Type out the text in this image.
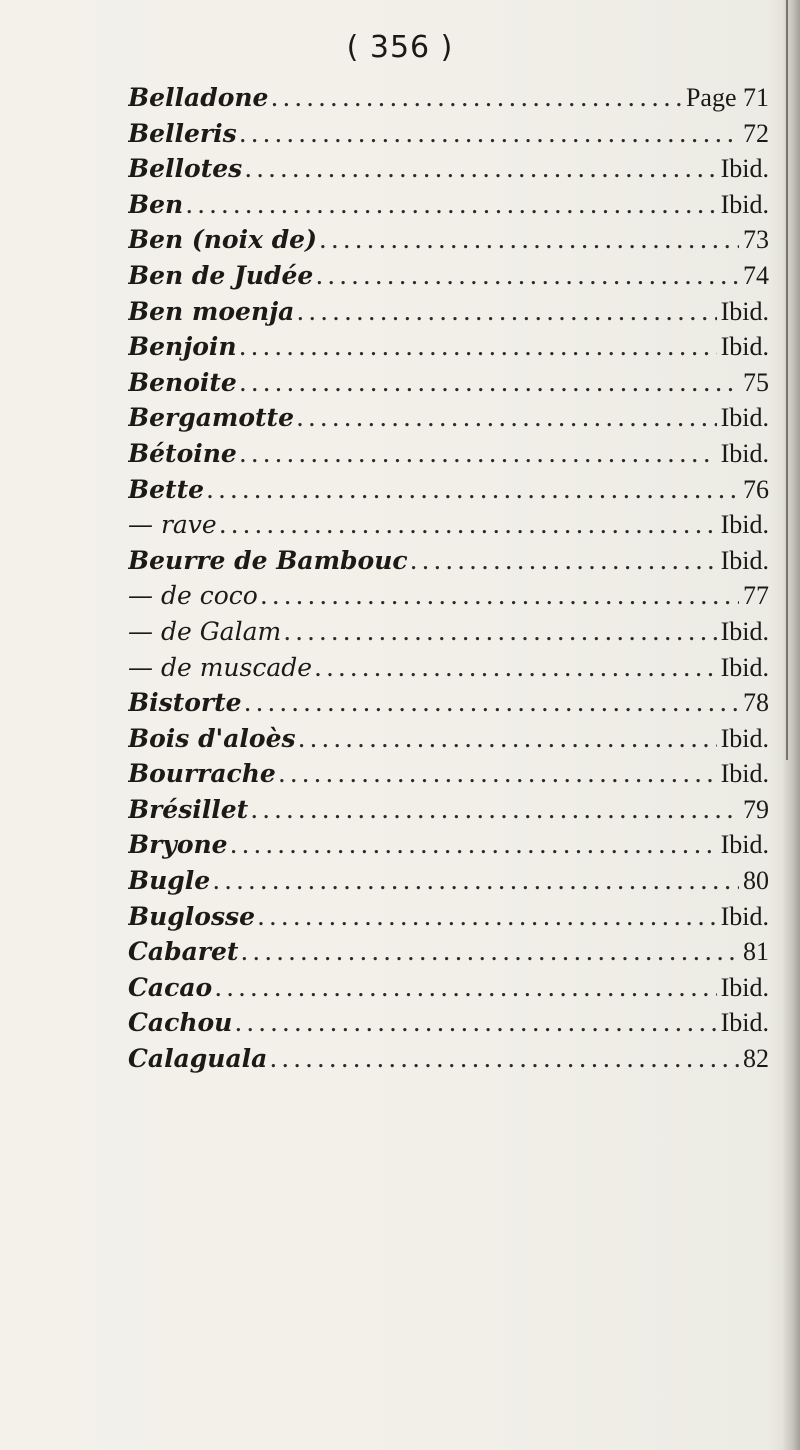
( 356 )
Belladone . . .	Page 71
Belleris . . .	72
Bellotes . . .	Ibid.
Ben . . .	Ibid.
Ben (noix de) . . .	73
Ben de Judée . . .	74
Ben moenja . . .	Ibid.
Benjoin . . .	Ibid.
Benoite . . .	75
Bergamotte . . .	Ibid.
Bétoine . . .	Ibid.
Bette . . .	76
— rave . . .	Ibid.
Beurre de Bambouc . . .	Ibid.
— de coco . . .	77
— de Galam . . .	Ibid.
— de muscade . . .	Ibid.
Bistorte . . .	78
Bois d'aloès . . .	Ibid.
Bourrache . . .	Ibid.
Brésillet . . .	79
Bryone . . .	Ibid.
Bugle . . .	80
Buglosse . . .	Ibid.
Cabaret . . .	81
Cacao . . .	Ibid.
Cachou . . .	Ibid.
Calaguala . . .	82
